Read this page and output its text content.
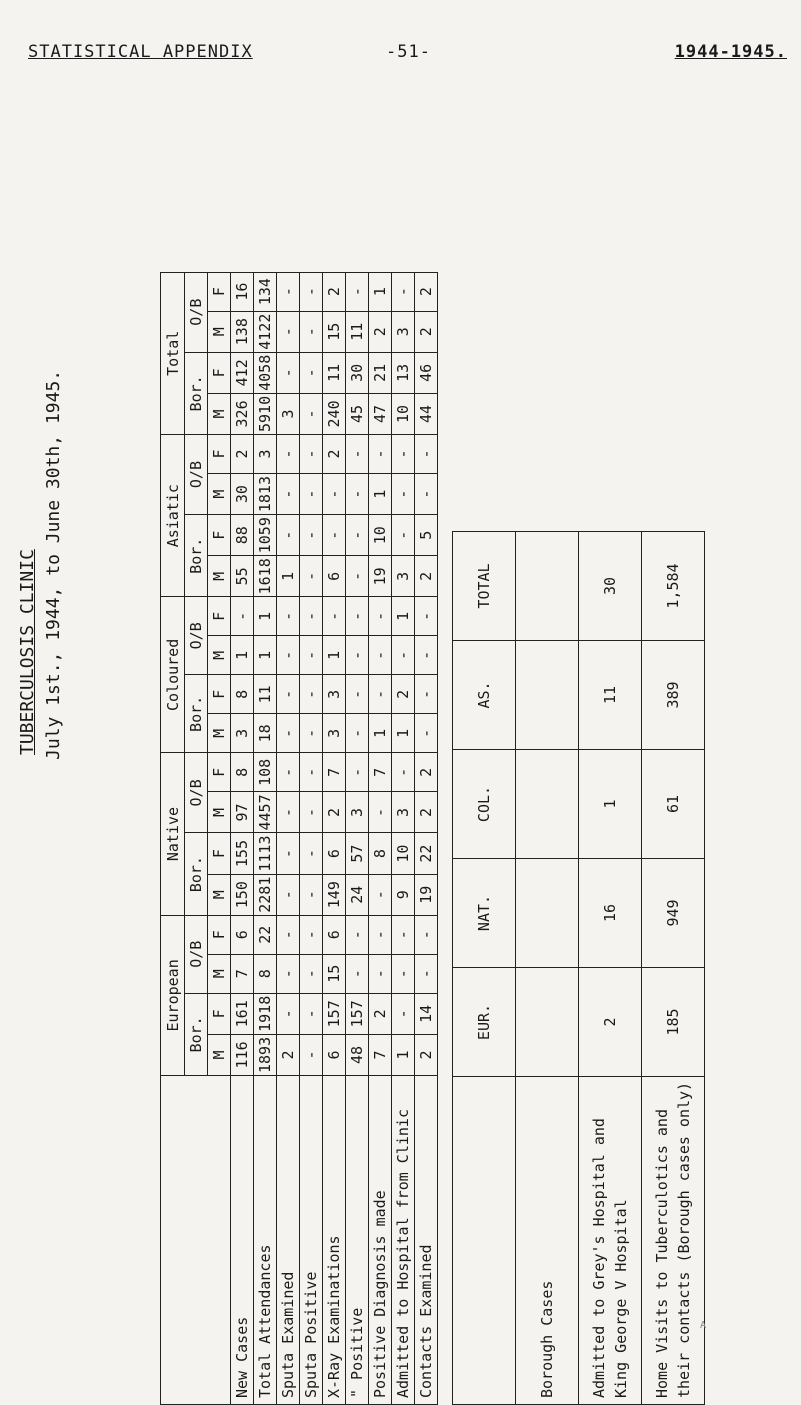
STATISTICAL APPENDIX	-51-	1944-1945.
TUBERCULOSIS CLINIC July 1st., 1944, to June 30th, 1945.
	European				Native				Coloured				Asiatic				Total			
	Bor.		O/B		Bor.		O/B		Bor.		O/B		Bor.		O/B		Bor.		O/B	
	M	F	M	F	M	F	M	F	M	F	M	F	M	F	M	F	M	F	M	F
New Cases	116	161	7	6	150	155	97	8	3	8	1	-	55	88	30	2	326	412	138	16
Total Attendances	1893	1918	8	22	2281	1113	4457	108	18	11	1	1	1618	1059	1813	3	5910	4058	4122	134
Sputa Examined	2	-	-	-	-	-	-	-	-	-	-	-	1	-	-	-	3	-	-	-
Sputa Positive	-	-	-	-	-	-	-	-	-	-	-	-	-	-	-	-	-	-	-	-
X-Ray Examinations	6	157	15	6	149	6	2	7	3	3	1	-	6	-	-	2	240	11	15	2
" Positive	48	157	-	-	24	57	3	-	-	-	-	-	-	-	-	-	45	30	11	-
Positive Diagnosis made	7	2	-	-	-	8	-	7	1	-	-	-	19	10	1	-	47	21	2	1
Admitted to Hospital from Clinic	1	-	-	-	9	10	3	-	1	2	-	1	3	-	-	-	10	13	3	-
Contacts Examined	2	14	-	-	19	22	2	2	-	-	-	-	2	5	-	-	44	46	2	2
	EUR.	NAT.	COL.	AS.	TOTAL
Borough Cases					
Admitted to Grey's Hospital and King George V Hospital	2	16	1	11	30
Home Visits to Tuberculotics and their contacts (Borough cases only)	185	949	61	389	1,584
A
